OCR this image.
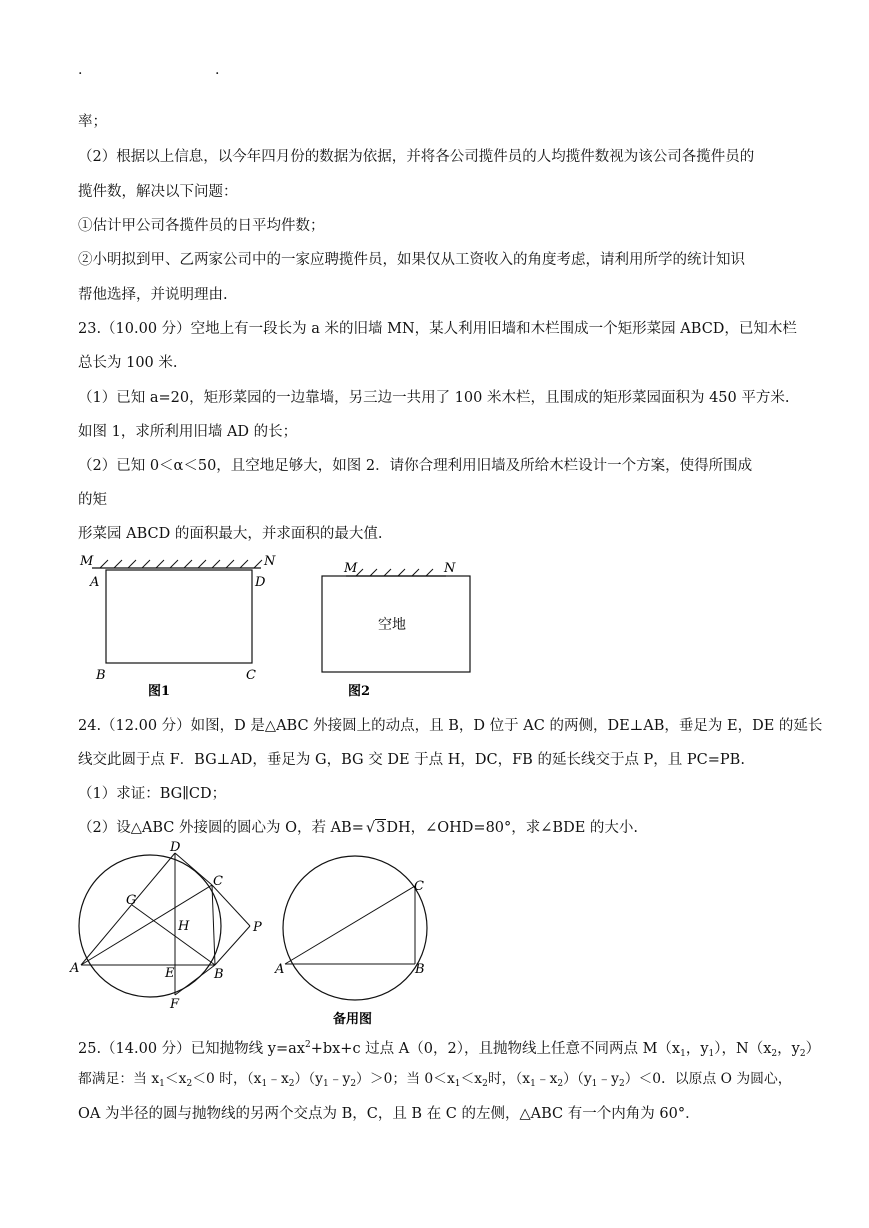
.	.
率；
（2）根据以上信息，以今年四月份的数据为依据，并将各公司揽件员的人均揽件数视为该公司各揽件员的
揽件数，解决以下问题：
①估计甲公司各揽件员的日平均件数；
②小明拟到甲、乙两家公司中的一家应聘揽件员，如果仅从工资收入的角度考虑，请利用所学的统计知识
帮他选择，并说明理由.
23.（10.00 分）空地上有一段长为 a 米的旧墙 MN，某人利用旧墙和木栏围成一个矩形菜园 ABCD，已知木栏
总长为 100 米.
（1）已知 a=20，矩形菜园的一边靠墙，另三边一共用了 100 米木栏，且围成的矩形菜园面积为 450 平方米.
如图 1，求所利用旧墙 AD 的长；
（2）已知 0＜α＜50，且空地足够大，如图 2．请你合理利用旧墙及所给木栏设计一个方案，使得所围成
的矩
形菜园 ABCD 的面积最大，并求面积的最大值.
M	N
A	D
B	C
图1
M	N
空地
图2
24.（12.00 分）如图，D 是△ABC 外接圆上的动点，且 B，D 位于 AC 的两侧，DE⊥AB，垂足为 E，DE 的延长
线交此圆于点 F．BG⊥AD，垂足为 G，BG 交 DE 于点 H，DC，FB 的延长线交于点 P，且 PC=PB.
（1）求证：BG∥CD；
（2）设△ABC 外接圆的圆心为 O，若 AB= √3DH，∠OHD=80°，求∠BDE 的大小.
D
C
G
H	P
A	E	B
F
C
A	B
备用图
25.（14.00 分）已知抛物线 $y=ax^2+bx+c$ 过点 A（0，2），且抛物线上任意不同两点 $M(x_1$，$y_1$），$N(x_2$，$y_2$）
都满足：当 $x_1<x_2<0$ 时，$(x_1﹣x_2)(y_1﹣y_2)>0$；当 $0<x_1<x_2$时，$(x_1﹣x_2)(y_1﹣y_2)<0$．以原点 O 为圆心，
OA 为半径的圆与抛物线的另两个交点为 B，C，且 B 在 C 的左侧，△ABC 有一个内角为 60°．
